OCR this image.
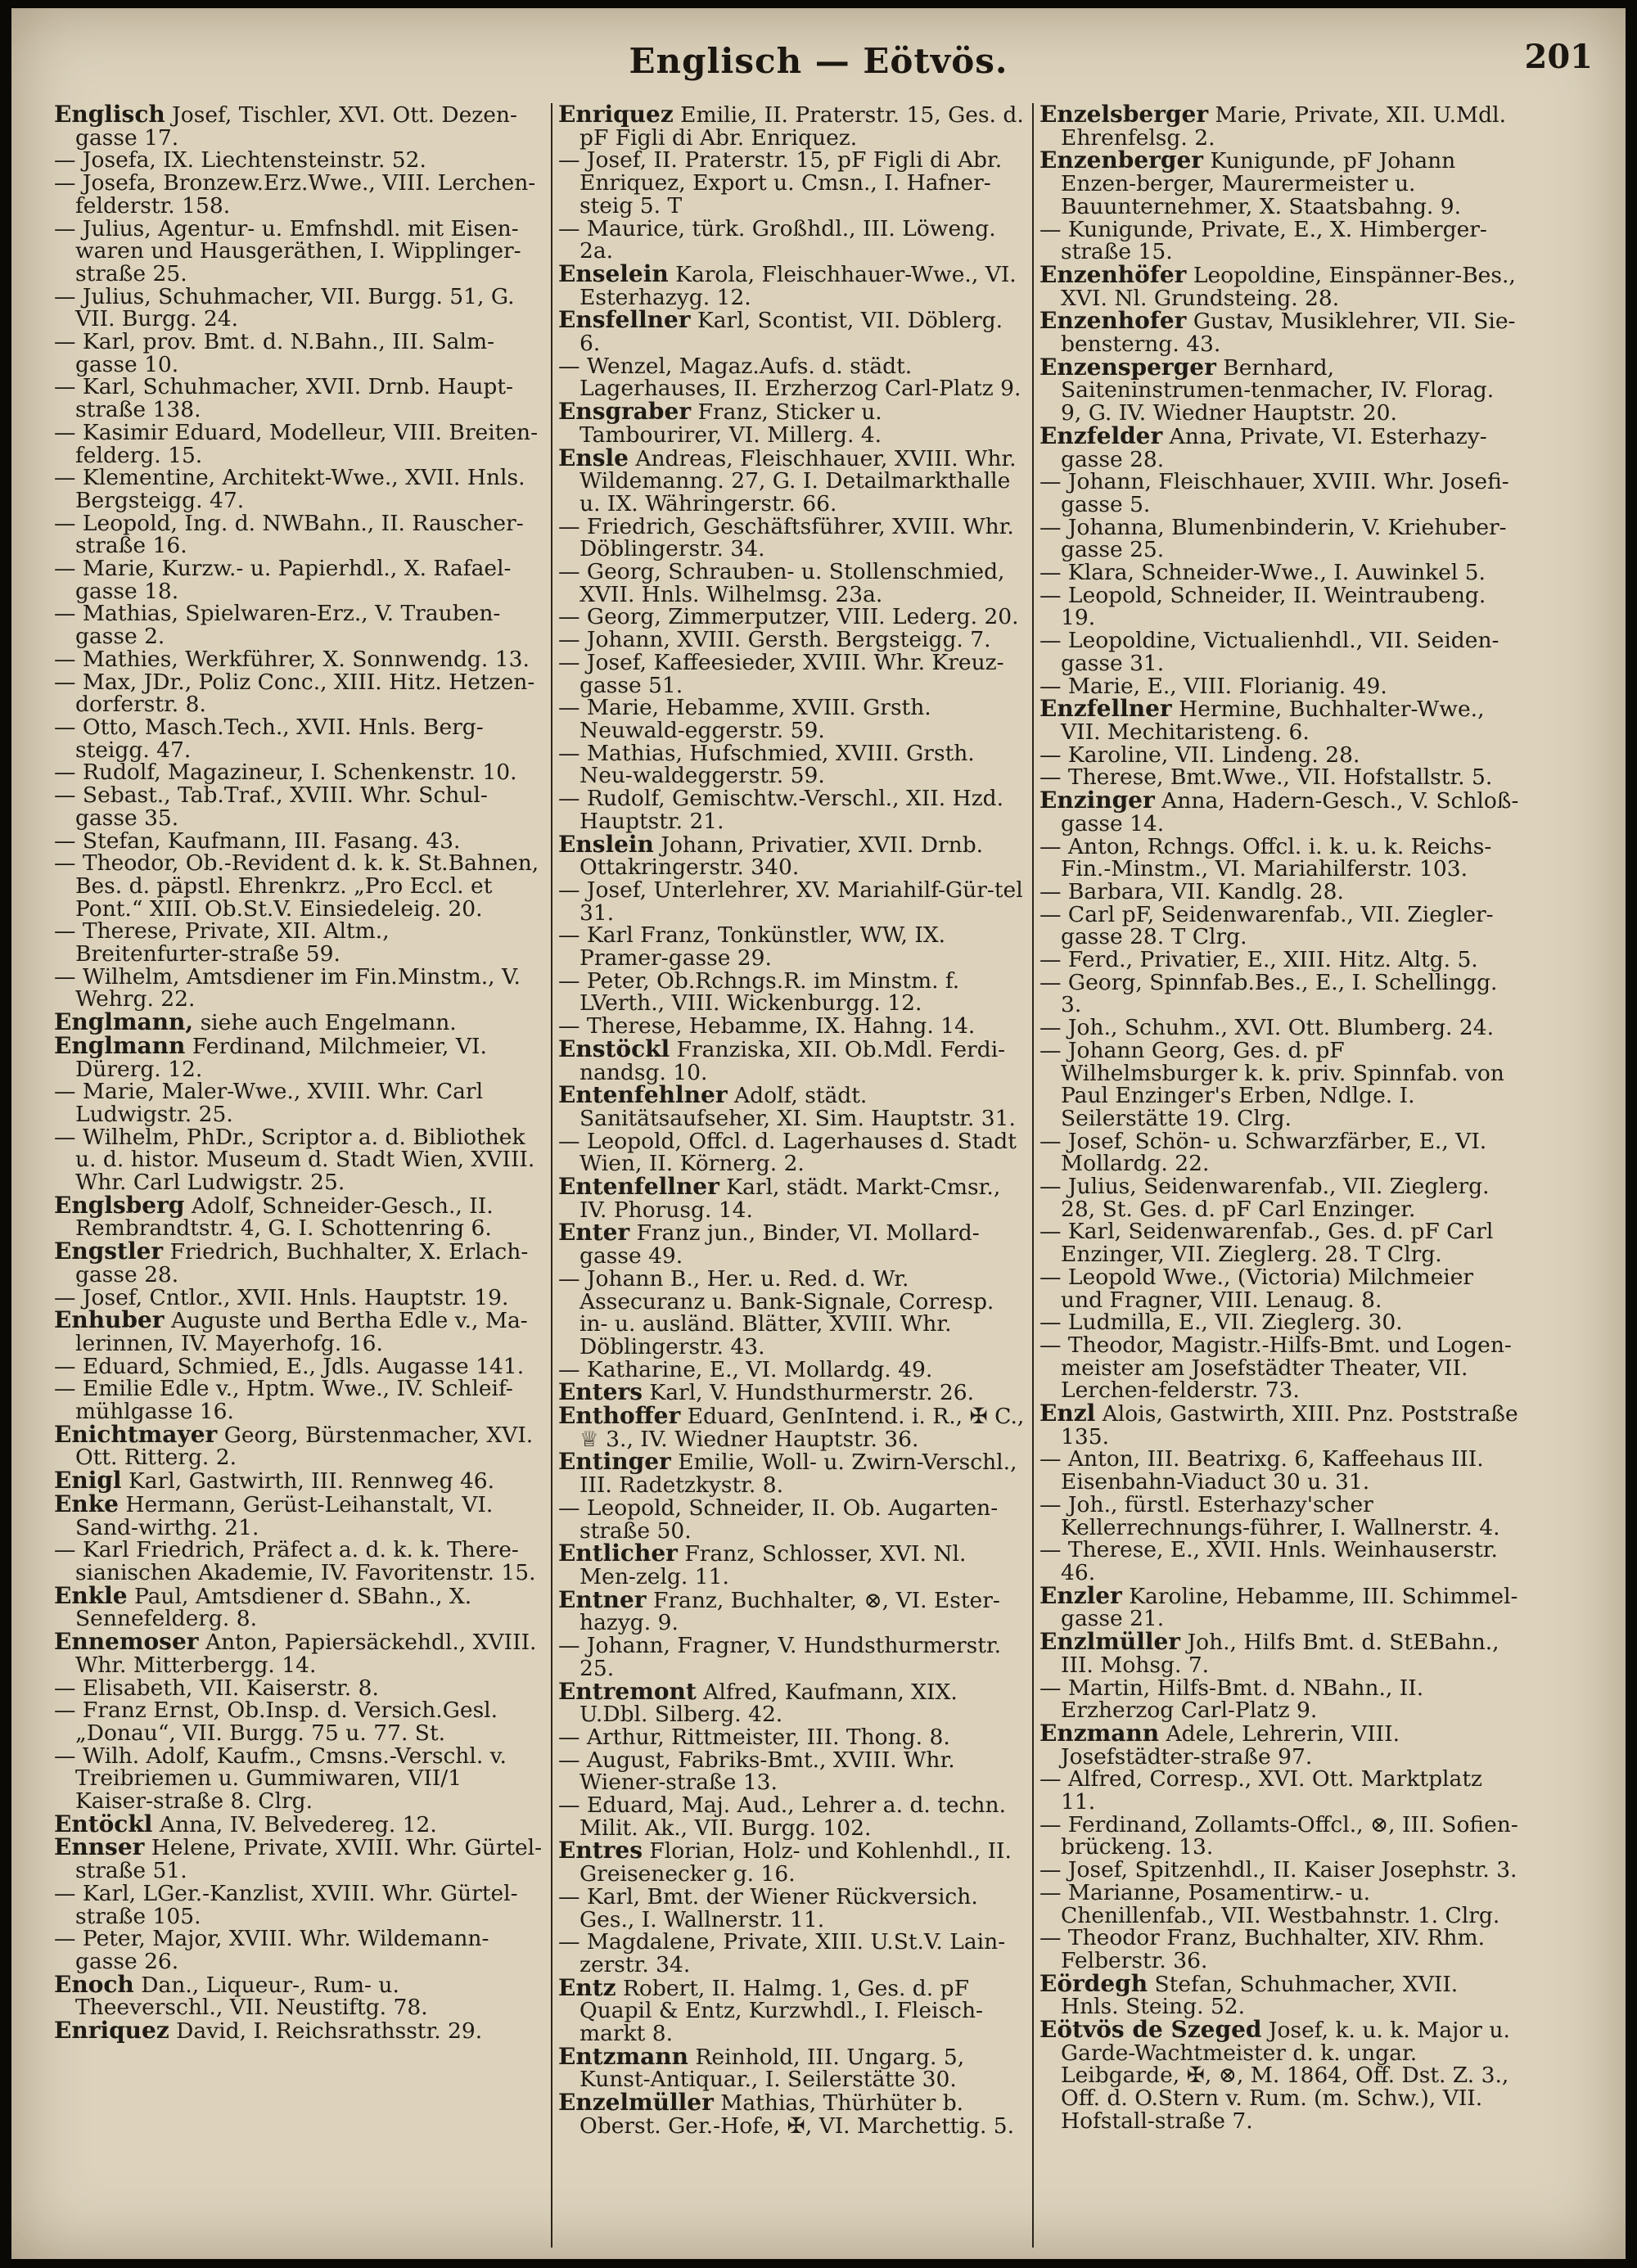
Englisch — Eötvös.	201

Englisch Josef, Tischler, XVI. Ott. Dezen-gasse 17.

— Josefa, IX. Liechtensteinstr. 52.

— Josefa, Bronzew.Erz.Wwe., VIII. Lerchen-felderstr. 158.

— Julius, Agentur- u. Emfnshdl. mit Eisen-waren und Hausgeräthen, I. Wipplinger-straße 25.

— Julius, Schuhmacher, VII. Burgg. 51, G. VII. Burgg. 24.

— Karl, prov. Bmt. d. N.Bahn., III. Salm-gasse 10.

— Karl, Schuhmacher, XVII. Drnb. Haupt-straße 138.

— Kasimir Eduard, Modelleur, VIII. Breiten-felderg. 15.

— Klementine, Architekt-Wwe., XVII. Hnls. Bergsteigg. 47.

— Leopold, Ing. d. NWBahn., II. Rauscher-straße 16.

— Marie, Kurzw.- u. Papierhdl., X. Rafael-gasse 18.

— Mathias, Spielwaren-Erz., V. Trauben-gasse 2.

— Mathies, Werkführer, X. Sonnwendg. 13.

— Max, JDr., Poliz Conc., XIII. Hitz. Hetzen-dorferstr. 8.

— Otto, Masch.Tech., XVII. Hnls. Berg-steigg. 47.

— Rudolf, Magazineur, I. Schenkenstr. 10.

— Sebast., Tab.Traf., XVIII. Whr. Schul-gasse 35.

— Stefan, Kaufmann, III. Fasang. 43.

— Theodor, Ob.-Revident d. k. k. St.Bahnen, Bes. d. päpstl. Ehrenkrz. „Pro Eccl. et Pont.“ XIII. Ob.St.V. Einsiedeleig. 20.

— Therese, Private, XII. Altm., Breitenfurter-straße 59.

— Wilhelm, Amtsdiener im Fin.Minstm., V. Wehrg. 22.

Englmann, siehe auch Engelmann.

Englmann Ferdinand, Milchmeier, VI. Dürerg. 12.

— Marie, Maler-Wwe., XVIII. Whr. Carl Ludwigstr. 25.

— Wilhelm, PhDr., Scriptor a. d. Bibliothek u. d. histor. Museum d. Stadt Wien, XVIII. Whr. Carl Ludwigstr. 25.

Englsberg Adolf, Schneider-Gesch., II. Rembrandtstr. 4, G. I. Schottenring 6.

Engstler Friedrich, Buchhalter, X. Erlach-gasse 28.

— Josef, Cntlor., XVII. Hnls. Hauptstr. 19.

Enhuber Auguste und Bertha Edle v., Ma-lerinnen, IV. Mayerhofg. 16.

— Eduard, Schmied, E., Jdls. Augasse 141.

— Emilie Edle v., Hptm. Wwe., IV. Schleif-mühlgasse 16.

Enichtmayer Georg, Bürstenmacher, XVI. Ott. Ritterg. 2.

Enigl Karl, Gastwirth, III. Rennweg 46.

Enke Hermann, Gerüst-Leihanstalt, VI. Sand-wirthg. 21.

— Karl Friedrich, Präfect a. d. k. k. There-sianischen Akademie, IV. Favoritenstr. 15.

Enkle Paul, Amtsdiener d. SBahn., X. Sennefelderg. 8.

Ennemoser Anton, Papiersäckehdl., XVIII. Whr. Mitterbergg. 14.

— Elisabeth, VII. Kaiserstr. 8.

— Franz Ernst, Ob.Insp. d. Versich.Gesl. „Donau“, VII. Burgg. 75 u. 77. St.

— Wilh. Adolf, Kaufm., Cmsns.-Verschl. v. Treibriemen u. Gummiwaren, VII/1 Kaiser-straße 8. Clrg.

Entöckl Anna, IV. Belvedereg. 12.

Ennser Helene, Private, XVIII. Whr. Gürtel-straße 51.

— Karl, LGer.-Kanzlist, XVIII. Whr. Gürtel-straße 105.

— Peter, Major, XVIII. Whr. Wildemann-gasse 26.

Enoch Dan., Liqueur-, Rum- u. Theeverschl., VII. Neustiftg. 78.

Enriquez David, I. Reichsrathsstr. 29.

Enriquez Emilie, II. Praterstr. 15, Ges. d. pF Figli di Abr. Enriquez.

— Josef, II. Praterstr. 15, pF Figli di Abr. Enriquez, Export u. Cmsn., I. Hafner-steig 5. T

— Maurice, türk. Großhdl., III. Löweng. 2a.

Enselein Karola, Fleischhauer-Wwe., VI. Esterhazyg. 12.

Ensfellner Karl, Scontist, VII. Döblerg. 6.

— Wenzel, Magaz.Aufs. d. städt. Lagerhauses, II. Erzherzog Carl-Platz 9.

Ensgraber Franz, Sticker u. Tambourirer, VI. Millerg. 4.

Ensle Andreas, Fleischhauer, XVIII. Whr. Wildemanng. 27, G. I. Detailmarkthalle u. IX. Währingerstr. 66.

— Friedrich, Geschäftsführer, XVIII. Whr. Döblingerstr. 34.

— Georg, Schrauben- u. Stollenschmied, XVII. Hnls. Wilhelmsg. 23a.

— Georg, Zimmerputzer, VIII. Lederg. 20.

— Johann, XVIII. Gersth. Bergsteigg. 7.

— Josef, Kaffeesieder, XVIII. Whr. Kreuz-gasse 51.

— Marie, Hebamme, XVIII. Grsth. Neuwald-eggerstr. 59.

— Mathias, Hufschmied, XVIII. Grsth. Neu-waldeggerstr. 59.

— Rudolf, Gemischtw.-Verschl., XII. Hzd. Hauptstr. 21.

Enslein Johann, Privatier, XVII. Drnb. Ottakringerstr. 340.

— Josef, Unterlehrer, XV. Mariahilf-Gür-tel 31.

— Karl Franz, Tonkünstler, WW, IX. Pramer-gasse 29.

— Peter, Ob.Rchngs.R. im Minstm. f. LVerth., VIII. Wickenburgg. 12.

— Therese, Hebamme, IX. Hahng. 14.

Enstöckl Franziska, XII. Ob.Mdl. Ferdi-nandsg. 10.

Entenfehlner Adolf, städt. Sanitätsaufseher, XI. Sim. Hauptstr. 31.

— Leopold, Offcl. d. Lagerhauses d. Stadt Wien, II. Körnerg. 2.

Entenfellner Karl, städt. Markt-Cmsr., IV. Phorusg. 14.

Enter Franz jun., Binder, VI. Mollard-gasse 49.

— Johann B., Her. u. Red. d. Wr. Assecuranz u. Bank-Signale, Corresp. in- u. ausländ. Blätter, XVIII. Whr. Döblingerstr. 43.

— Katharine, E., VI. Mollardg. 49.

Enters Karl, V. Hundsthurmerstr. 26.

Enthoffer Eduard, GenIntend. i. R., ✠ C., ♕ 3., IV. Wiedner Hauptstr. 36.

Entinger Emilie, Woll- u. Zwirn-Verschl., III. Radetzkystr. 8.

— Leopold, Schneider, II. Ob. Augarten-straße 50.

Entlicher Franz, Schlosser, XVI. Nl. Men-zelg. 11.

Entner Franz, Buchhalter, ⊗, VI. Ester-hazyg. 9.

— Johann, Fragner, V. Hundsthurmerstr. 25.

Entremont Alfred, Kaufmann, XIX. U.Dbl. Silberg. 42.

— Arthur, Rittmeister, III. Thong. 8.

— August, Fabriks-Bmt., XVIII. Whr. Wiener-straße 13.

— Eduard, Maj. Aud., Lehrer a. d. techn. Milit. Ak., VII. Burgg. 102.

Entres Florian, Holz- und Kohlenhdl., II. Greisenecker g. 16.

— Karl, Bmt. der Wiener Rückversich. Ges., I. Wallnerstr. 11.

— Magdalene, Private, XIII. U.St.V. Lain-zerstr. 34.

Entz Robert, II. Halmg. 1, Ges. d. pF Quapil & Entz, Kurzwhdl., I. Fleisch-markt 8.

Entzmann Reinhold, III. Ungarg. 5, Kunst-Antiquar., I. Seilerstätte 30.

Enzelmüller Mathias, Thürhüter b. Oberst. Ger.-Hofe, ✠, VI. Marchettig. 5.

Enzelsberger Marie, Private, XII. U.Mdl. Ehrenfelsg. 2.

Enzenberger Kunigunde, pF Johann Enzen-berger, Maurermeister u. Bauunternehmer, X. Staatsbahng. 9.

— Kunigunde, Private, E., X. Himberger-straße 15.

Enzenhöfer Leopoldine, Einspänner-Bes., XVI. Nl. Grundsteing. 28.

Enzenhofer Gustav, Musiklehrer, VII. Sie-bensterng. 43.

Enzensperger Bernhard, Saiteninstrumen-tenmacher, IV. Florag. 9, G. IV. Wiedner Hauptstr. 20.

Enzfelder Anna, Private, VI. Esterhazy-gasse 28.

— Johann, Fleischhauer, XVIII. Whr. Josefi-gasse 5.

— Johanna, Blumenbinderin, V. Kriehuber-gasse 25.

— Klara, Schneider-Wwe., I. Auwinkel 5.

— Leopold, Schneider, II. Weintraubeng. 19.

— Leopoldine, Victualienhdl., VII. Seiden-gasse 31.

— Marie, E., VIII. Florianig. 49.

Enzfellner Hermine, Buchhalter-Wwe., VII. Mechitaristeng. 6.

— Karoline, VII. Lindeng. 28.

— Therese, Bmt.Wwe., VII. Hofstallstr. 5.

Enzinger Anna, Hadern-Gesch., V. Schloß-gasse 14.

— Anton, Rchngs. Offcl. i. k. u. k. Reichs-Fin.-Minstm., VI. Mariahilferstr. 103.

— Barbara, VII. Kandlg. 28.

— Carl pF, Seidenwarenfab., VII. Ziegler-gasse 28. T Clrg.

— Ferd., Privatier, E., XIII. Hitz. Altg. 5.

— Georg, Spinnfab.Bes., E., I. Schellingg. 3.

— Joh., Schuhm., XVI. Ott. Blumberg. 24.

— Johann Georg, Ges. d. pF Wilhelmsburger k. k. priv. Spinnfab. von Paul Enzinger's Erben, Ndlge. I. Seilerstätte 19. Clrg.

— Josef, Schön- u. Schwarzfärber, E., VI. Mollardg. 22.

— Julius, Seidenwarenfab., VII. Zieglerg. 28, St. Ges. d. pF Carl Enzinger.

— Karl, Seidenwarenfab., Ges. d. pF Carl Enzinger, VII. Zieglerg. 28. T Clrg.

— Leopold Wwe., (Victoria) Milchmeier und Fragner, VIII. Lenaug. 8.

— Ludmilla, E., VII. Zieglerg. 30.

— Theodor, Magistr.-Hilfs-Bmt. und Logen-meister am Josefstädter Theater, VII. Lerchen-felderstr. 73.

Enzl Alois, Gastwirth, XIII. Pnz. Poststraße 135.

— Anton, III. Beatrixg. 6, Kaffeehaus III. Eisenbahn-Viaduct 30 u. 31.

— Joh., fürstl. Esterhazy'scher Kellerrechnungs-führer, I. Wallnerstr. 4.

— Therese, E., XVII. Hnls. Weinhauserstr. 46.

Enzler Karoline, Hebamme, III. Schimmel-gasse 21.

Enzlmüller Joh., Hilfs Bmt. d. StEBahn., III. Mohsg. 7.

— Martin, Hilfs-Bmt. d. NBahn., II. Erzherzog Carl-Platz 9.

Enzmann Adele, Lehrerin, VIII. Josefstädter-straße 97.

— Alfred, Corresp., XVI. Ott. Marktplatz 11.

— Ferdinand, Zollamts-Offcl., ⊗, III. Sofien-brückeng. 13.

— Josef, Spitzenhdl., II. Kaiser Josephstr. 3.

— Marianne, Posamentirw.- u. Chenillenfab., VII. Westbahnstr. 1. Clrg.

— Theodor Franz, Buchhalter, XIV. Rhm. Felberstr. 36.

Eördegh Stefan, Schuhmacher, XVII. Hnls. Steing. 52.

Eötvös de Szeged Josef, k. u. k. Major u. Garde-Wachtmeister d. k. ungar. Leibgarde, ✠, ⊗, M. 1864, Off. Dst. Z. 3., Off. d. O.Stern v. Rum. (m. Schw.), VII. Hofstall-straße 7.
